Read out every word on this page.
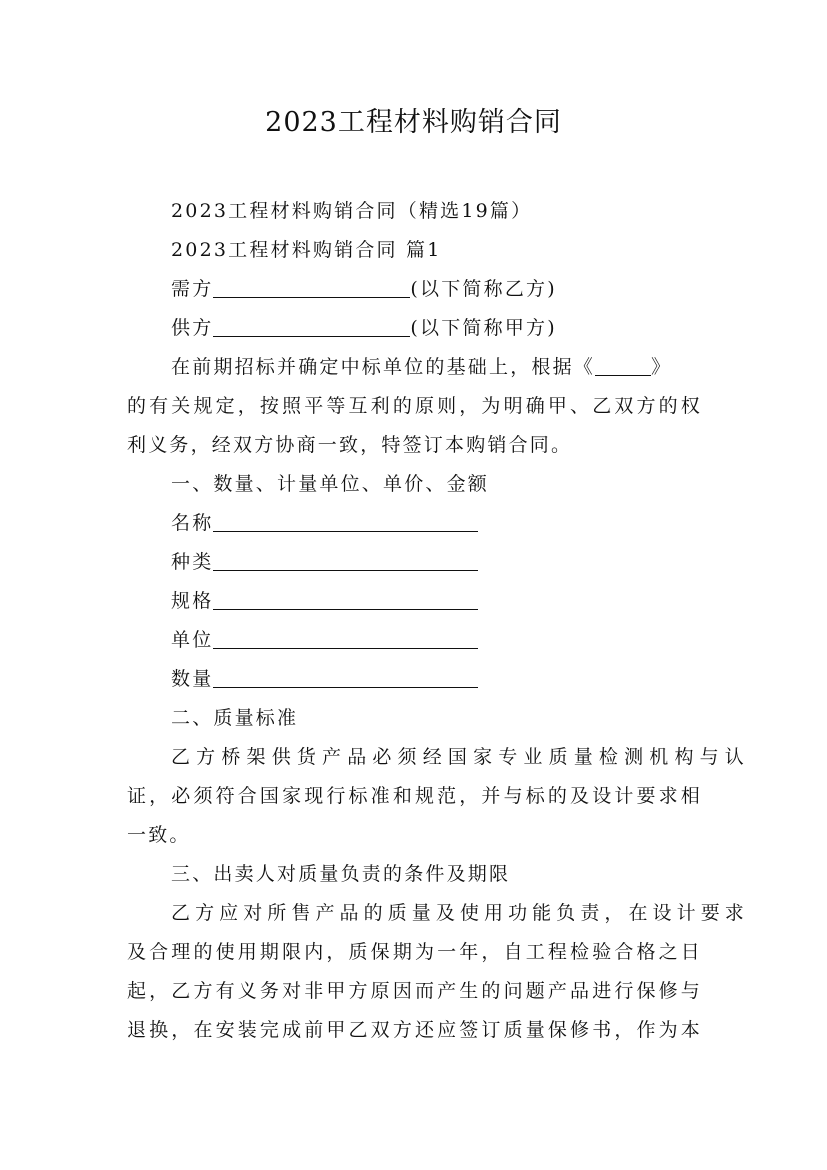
2023工程材料购销合同
2023工程材料购销合同（精选19篇）
2023工程材料购销合同 篇1
需方	(以下简称乙方)
供方	(以下简称甲方)
在前期招标并确定中标单位的基础上，根据《	》
的有关规定，按照平等互利的原则，为明确甲、乙双方的权
利义务，经双方协商一致，特签订本购销合同。
一、数量、计量单位、单价、金额
名称
种类
规格
单位
数量
二、质量标准
乙方桥架供货产品必须经国家专业质量检测机构与认
证，必须符合国家现行标准和规范，并与标的及设计要求相
一致。
三、出卖人对质量负责的条件及期限
乙方应对所售产品的质量及使用功能负责，在设计要求
及合理的使用期限内，质保期为一年，自工程检验合格之日
起，乙方有义务对非甲方原因而产生的问题产品进行保修与
退换，在安装完成前甲乙双方还应签订质量保修书，作为本
